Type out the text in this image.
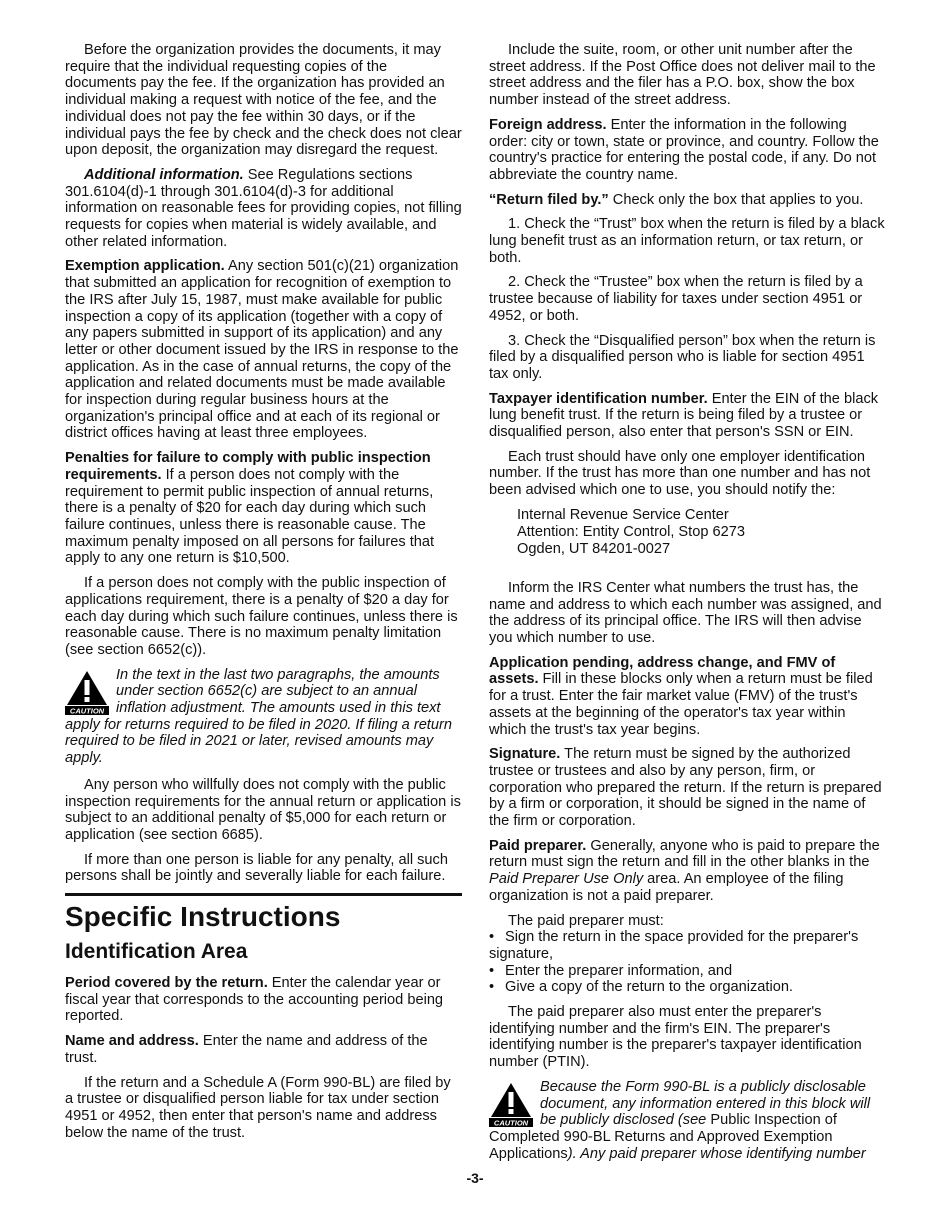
Before the organization provides the documents, it may require that the individual requesting copies of the documents pay the fee. If the organization has provided an individual making a request with notice of the fee, and the individual does not pay the fee within 30 days, or if the individual pays the fee by check and the check does not clear upon deposit, the organization may disregard the request.

Additional information. See Regulations sections 301.6104(d)-1 through 301.6104(d)-3 for additional information on reasonable fees for providing copies, not filling requests for copies when material is widely available, and other related information.

Exemption application. Any section 501(c)(21) organization that submitted an application for recognition of exemption to the IRS after July 15, 1987, must make available for public inspection a copy of its application (together with a copy of any papers submitted in support of its application) and any letter or other document issued by the IRS in response to the application. As in the case of annual returns, the copy of the application and related documents must be made available for inspection during regular business hours at the organization's principal office and at each of its regional or district offices having at least three employees.

Penalties for failure to comply with public inspection requirements. If a person does not comply with the requirement to permit public inspection of annual returns, there is a penalty of $20 for each day during which such failure continues, unless there is reasonable cause. The maximum penalty imposed on all persons for failures that apply to any one return is $10,500.

If a person does not comply with the public inspection of applications requirement, there is a penalty of $20 a day for each day during which such failure continues, unless there is reasonable cause. There is no maximum penalty limitation (see section 6652(c)).

CAUTION
In the text in the last two paragraphs, the amounts under section 6652(c) are subject to an annual inflation adjustment. The amounts used in this text apply for returns required to be filed in 2020. If filing a return required to be filed in 2021 or later, revised amounts may apply.

Any person who willfully does not comply with the public inspection requirements for the annual return or application is subject to an additional penalty of $5,000 for each return or application (see section 6685).

If more than one person is liable for any penalty, all such persons shall be jointly and severally liable for each failure.

Specific Instructions
Identification Area

Period covered by the return. Enter the calendar year or fiscal year that corresponds to the accounting period being reported.

Name and address. Enter the name and address of the trust.

If the return and a Schedule A (Form 990-BL) are filed by a trustee or disqualified person liable for tax under section 4951 or 4952, then enter that person's name and address below the name of the trust.

Include the suite, room, or other unit number after the street address. If the Post Office does not deliver mail to the street address and the filer has a P.O. box, show the box number instead of the street address.

Foreign address. Enter the information in the following order: city or town, state or province, and country. Follow the country's practice for entering the postal code, if any. Do not abbreviate the country name.

“Return filed by.” Check only the box that applies to you.

1. Check the “Trust” box when the return is filed by a black lung benefit trust as an information return, or tax return, or both.

2. Check the “Trustee” box when the return is filed by a trustee because of liability for taxes under section 4951 or 4952, or both.

3. Check the “Disqualified person” box when the return is filed by a disqualified person who is liable for section 4951 tax only.

Taxpayer identification number. Enter the EIN of the black lung benefit trust. If the return is being filed by a trustee or disqualified person, also enter that person's SSN or EIN.

Each trust should have only one employer identification number. If the trust has more than one number and has not been advised which one to use, you should notify the:

Internal Revenue Service Center
Attention: Entity Control, Stop 6273
Ogden, UT 84201-0027

Inform the IRS Center what numbers the trust has, the name and address to which each number was assigned, and the address of its principal office. The IRS will then advise you which number to use.

Application pending, address change, and FMV of assets. Fill in these blocks only when a return must be filed for a trust. Enter the fair market value (FMV) of the trust's assets at the beginning of the operator's tax year within which the trust's tax year begins.

Signature. The return must be signed by the authorized trustee or trustees and also by any person, firm, or corporation who prepared the return. If the return is prepared by a firm or corporation, it should be signed in the name of the firm or corporation.

Paid preparer. Generally, anyone who is paid to prepare the return must sign the return and fill in the other blanks in the Paid Preparer Use Only area. An employee of the filing organization is not a paid preparer.

The paid preparer must:

• Sign the return in the space provided for the preparer's signature,
• Enter the preparer information, and
• Give a copy of the return to the organization.

The paid preparer also must enter the preparer's identifying number and the firm's EIN. The preparer's identifying number is the preparer's taxpayer identification number (PTIN).

CAUTION
Because the Form 990-BL is a publicly disclosable document, any information entered in this block will be publicly disclosed (see Public Inspection of Completed 990-BL Returns and Approved Exemption Applications). Any paid preparer whose identifying number
-3-
